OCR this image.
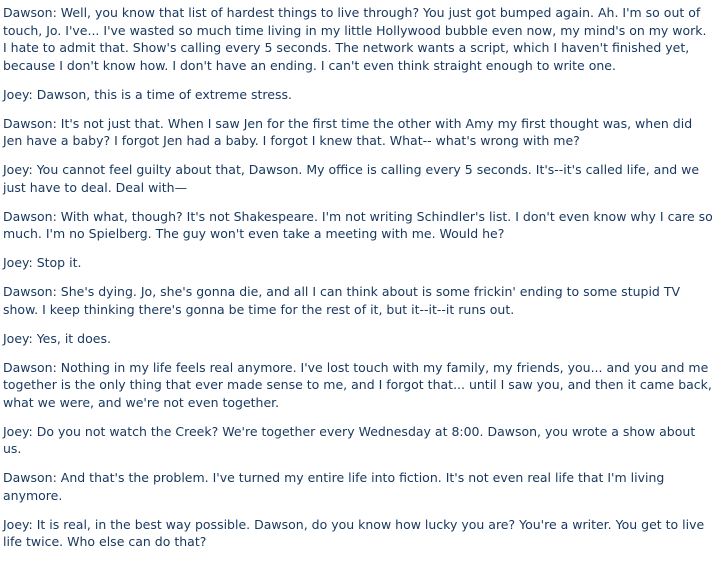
Dawson: Well, you know that list of hardest things to live through? You just got bumped again. Ah. I'm so out of touch, Jo. I've... I've wasted so much time living in my little Hollywood bubble even now, my mind's on my work. I hate to admit that. Show's calling every 5 seconds. The network wants a script, which I haven't finished yet, because I don't know how. I don't have an ending. I can't even think straight enough to write one.

Joey: Dawson, this is a time of extreme stress.

Dawson: It's not just that. When I saw Jen for the first time the other with Amy my first thought was, when did Jen have a baby? I forgot Jen had a baby. I forgot I knew that. What-- what's wrong with me?

Joey: You cannot feel guilty about that, Dawson. My office is calling every 5 seconds. It's--it's called life, and we just have to deal. Deal with—

Dawson: With what, though? It's not Shakespeare. I'm not writing Schindler's list. I don't even know why I care so much. I'm no Spielberg. The guy won't even take a meeting with me. Would he?

Joey: Stop it.

Dawson: She's dying. Jo, she's gonna die, and all I can think about is some frickin' ending to some stupid TV show. I keep thinking there's gonna be time for the rest of it, but it--it--it runs out.

Joey: Yes, it does.

Dawson: Nothing in my life feels real anymore. I've lost touch with my family, my friends, you... and you and me together is the only thing that ever made sense to me, and I forgot that... until I saw you, and then it came back, what we were, and we're not even together.

Joey: Do you not watch the Creek? We're together every Wednesday at 8:00. Dawson, you wrote a show about us.

Dawson: And that's the problem. I've turned my entire life into fiction. It's not even real life that I'm living anymore.

Joey: It is real, in the best way possible. Dawson, do you know how lucky you are? You're a writer. You get to live life twice. Who else can do that?
